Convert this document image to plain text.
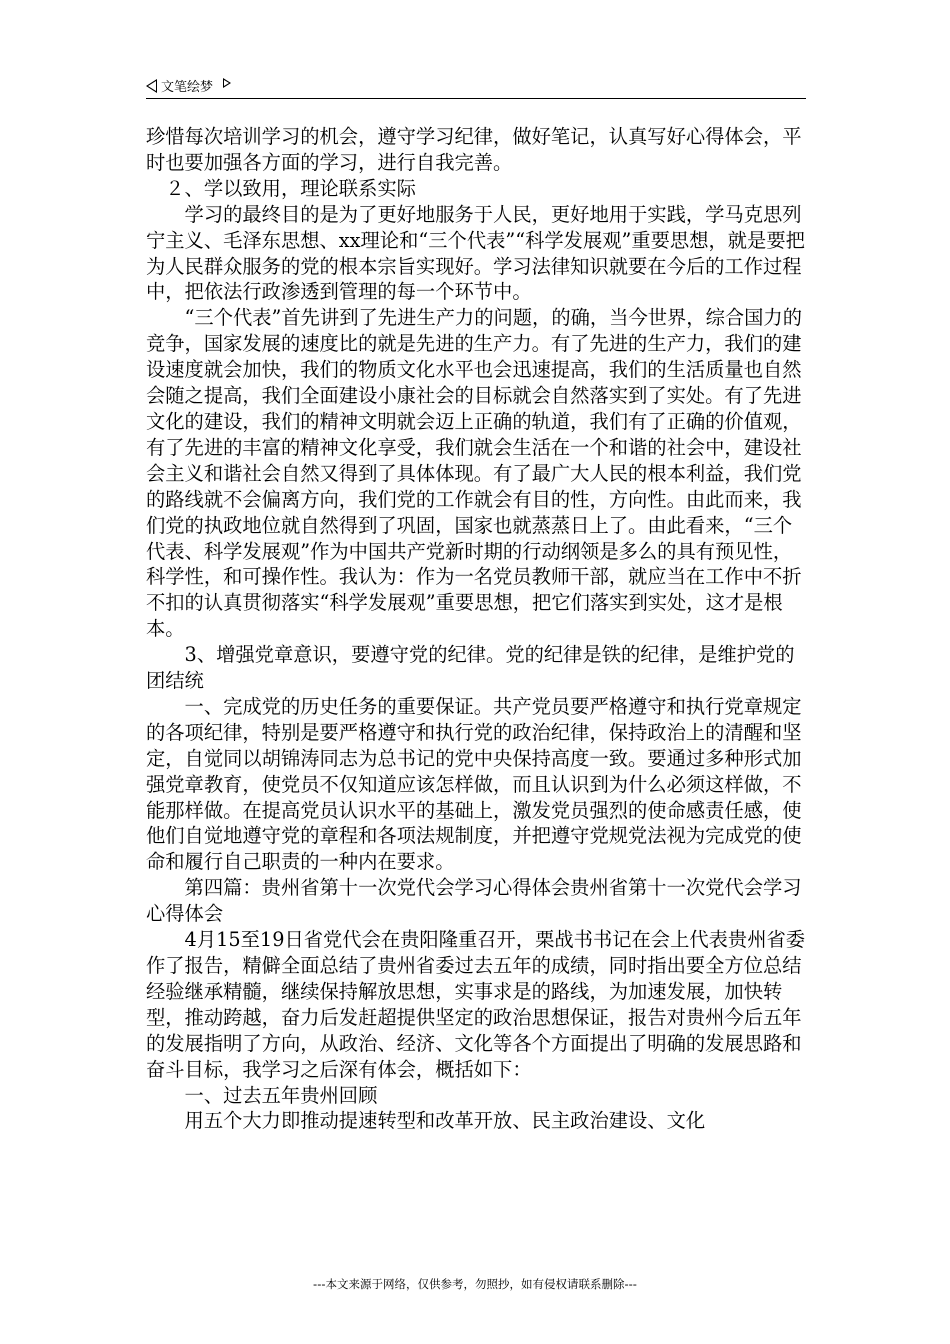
文笔绘梦

珍惜每次培训学习的机会，遵守学习纪律，做好笔记，认真写好心得体会，平时也要加强各方面的学习，进行自我完善。

　２、学以致用，理论联系实际

　　学习的最终目的是为了更好地服务于人民，更好地用于实践，学马克思列宁主义、毛泽东思想、xx理论和“三个代表”“科学发展观”重要思想，就是要把为人民群众服务的党的根本宗旨实现好。学习法律知识就要在今后的工作过程中，把依法行政渗透到管理的每一个环节中。

　　“三个代表”首先讲到了先进生产力的问题，的确，当今世界，综合国力的竞争，国家发展的速度比的就是先进的生产力。有了先进的生产力，我们的建设速度就会加快，我们的物质文化水平也会迅速提高，我们的生活质量也自然会随之提高，我们全面建设小康社会的目标就会自然落实到了实处。有了先进文化的建设，我们的精神文明就会迈上正确的轨道，我们有了正确的价值观，有了先进的丰富的精神文化享受，我们就会生活在一个和谐的社会中，建设社会主义和谐社会自然又得到了具体体现。有了最广大人民的根本利益，我们党的路线就不会偏离方向，我们党的工作就会有目的性，方向性。由此而来，我们党的执政地位就自然得到了巩固，国家也就蒸蒸日上了。由此看来，“三个代表、科学发展观”作为中国共产党新时期的行动纲领是多么的具有预见性，科学性，和可操作性。我认为：作为一名党员教师干部，就应当在工作中不折不扣的认真贯彻落实“科学发展观”重要思想，把它们落实到实处，这才是根本。

　　3、增强党章意识，要遵守党的纪律。党的纪律是铁的纪律，是维护党的团结统

　　一、完成党的历史任务的重要保证。共产党员要严格遵守和执行党章规定的各项纪律，特别是要严格遵守和执行党的政治纪律，保持政治上的清醒和坚定，自觉同以胡锦涛同志为总书记的党中央保持高度一致。要通过多种形式加强党章教育，使党员不仅知道应该怎样做，而且认识到为什么必须这样做，不能那样做。在提高党员认识水平的基础上，激发党员强烈的使命感责任感，使他们自觉地遵守党的章程和各项法规制度，并把遵守党规党法视为完成党的使命和履行自己职责的一种内在要求。

　　第四篇：贵州省第十一次党代会学习心得体会贵州省第十一次党代会学习心得体会

　　4月15至19日省党代会在贵阳隆重召开，栗战书书记在会上代表贵州省委作了报告，精僻全面总结了贵州省委过去五年的成绩，同时指出要全方位总结经验继承精髓，继续保持解放思想，实事求是的路线，为加速发展，加快转型，推动跨越，奋力后发赶超提供坚定的政治思想保证，报告对贵州今后五年的发展指明了方向，从政治、经济、文化等各个方面提出了明确的发展思路和奋斗目标，我学习之后深有体会，概括如下：

　　一、过去五年贵州回顾

　　用五个大力即推动提速转型和改革开放、民主政治建设、文化

---本文来源于网络，仅供参考，勿照抄，如有侵权请联系删除---
